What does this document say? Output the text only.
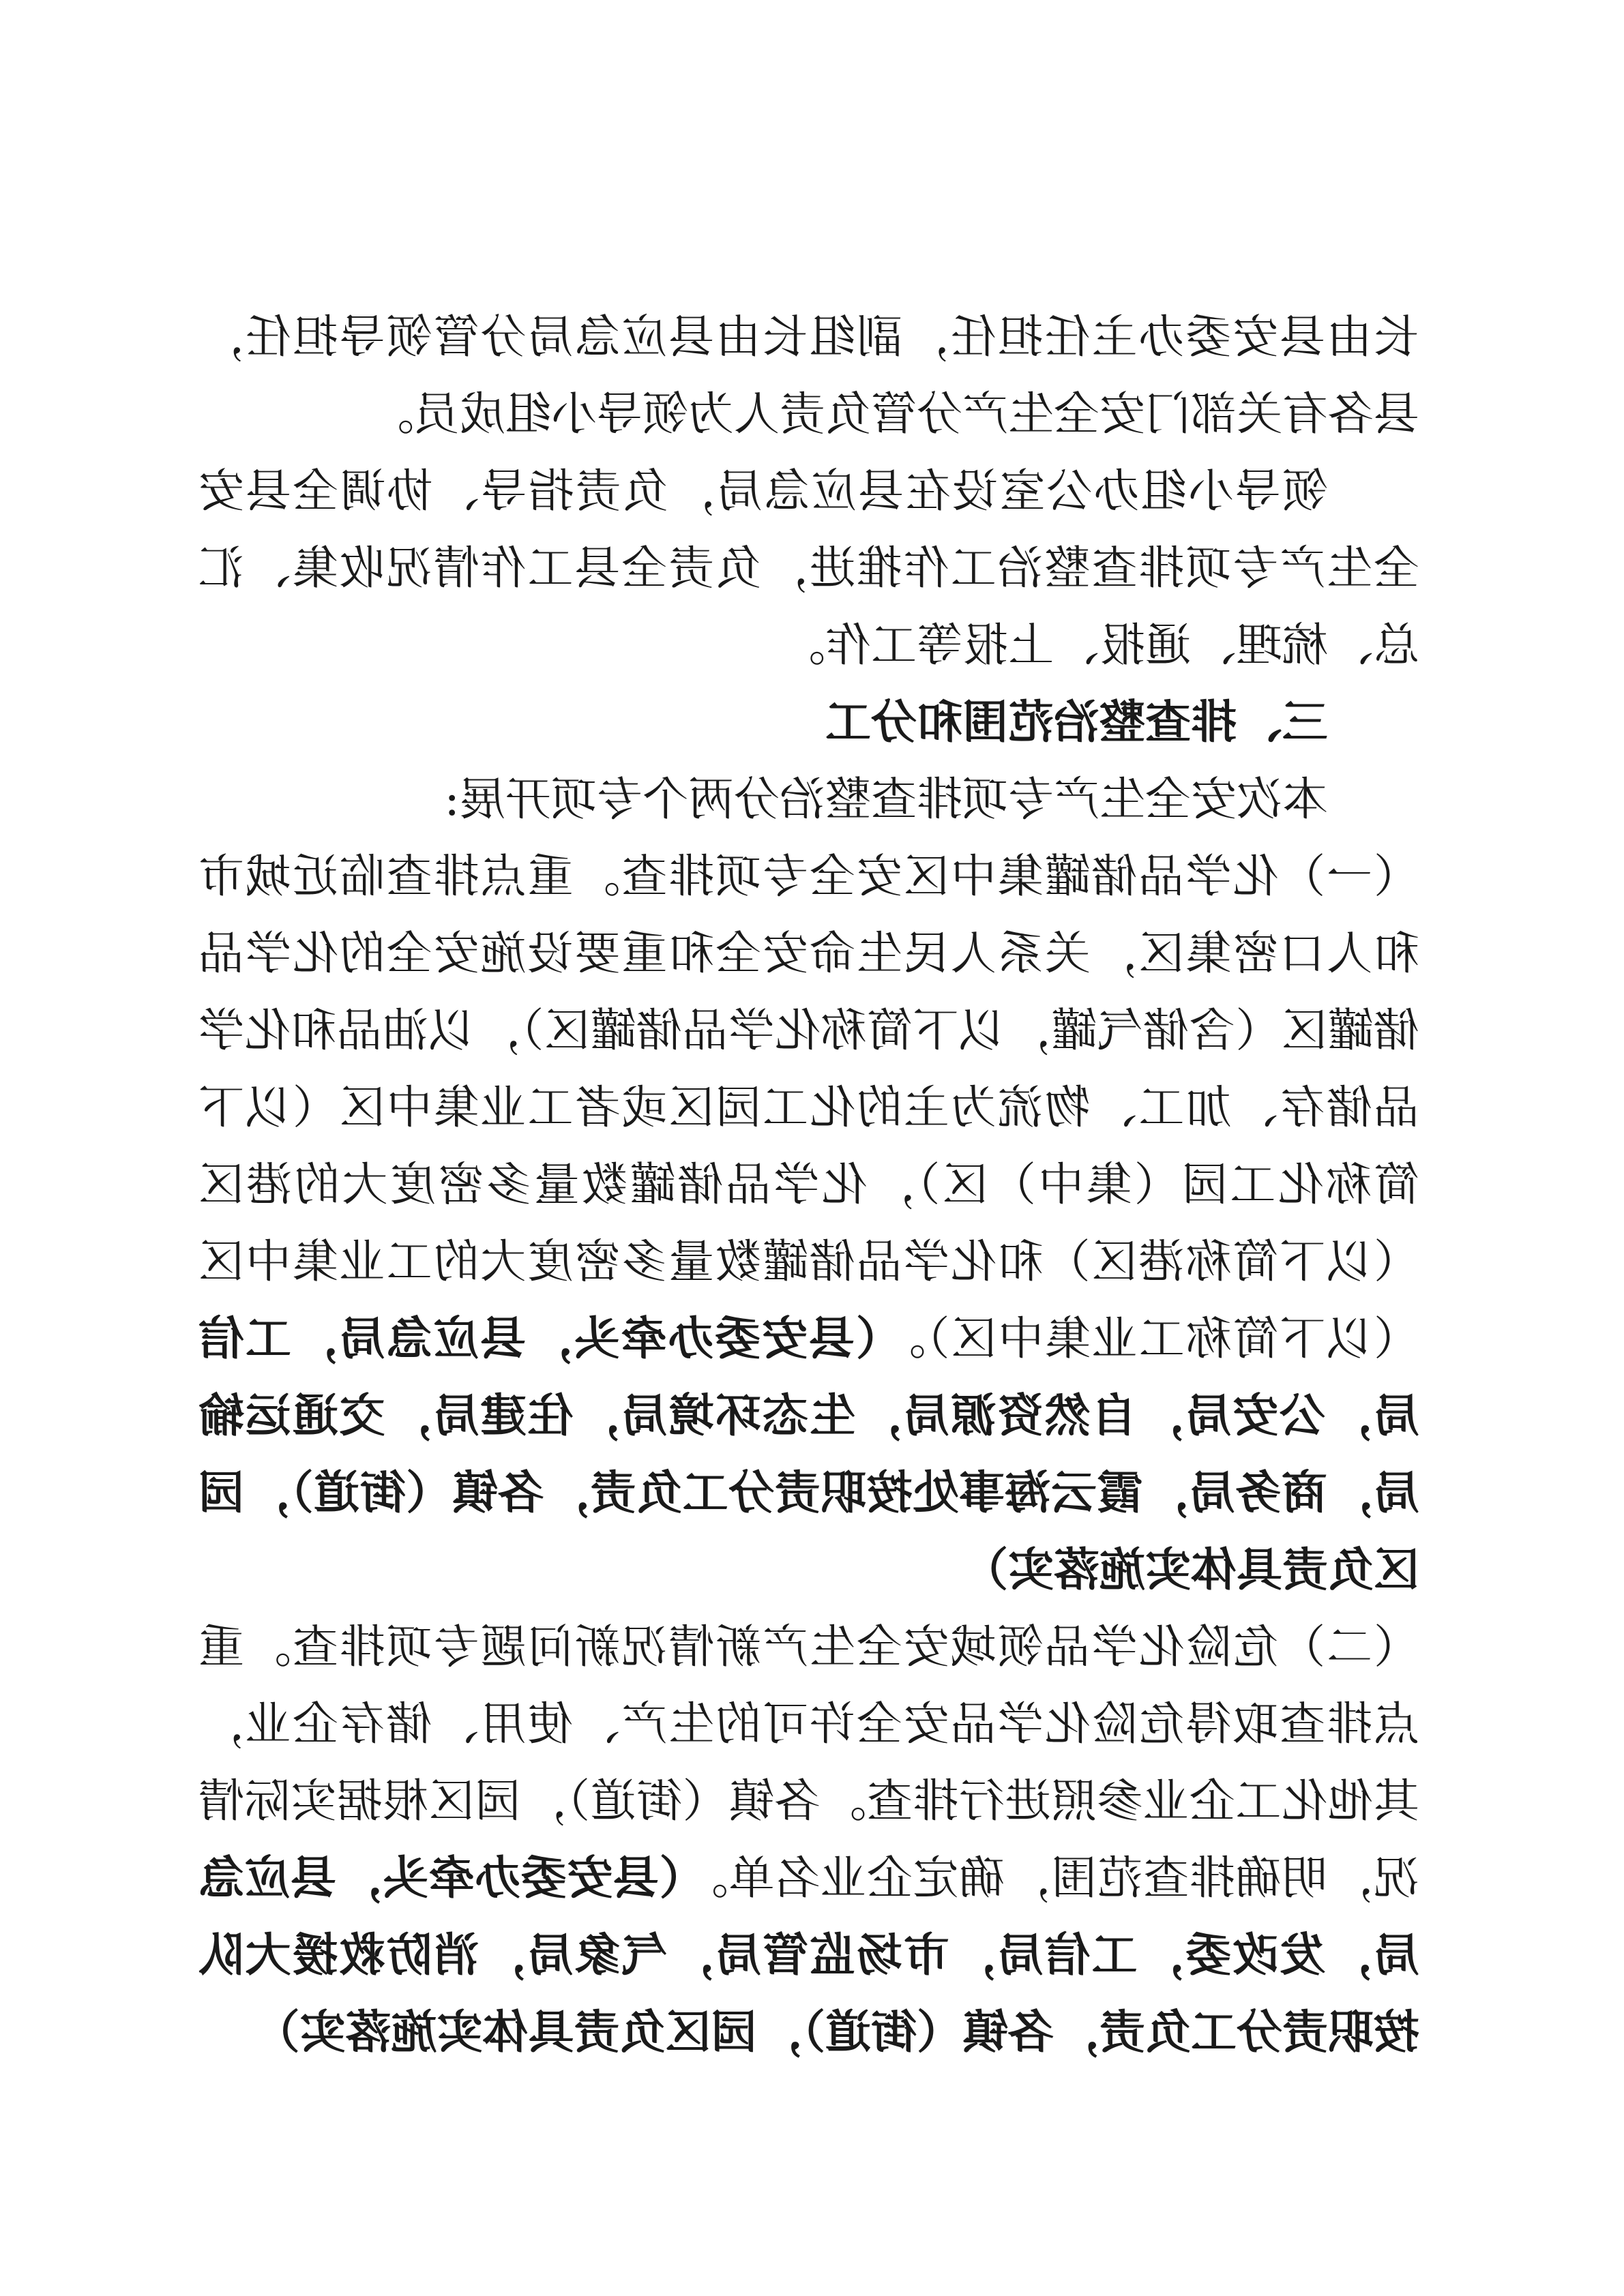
长由县安委办主任担任，副组长由县应急局分管领导担任，县各有关部门安全生产分管负责人为领导小组成员。

领导小组办公室设在县应急局，负责指导、协调全县安全生产专项排查整治工作推进，负责全县工作情况收集、汇总、梳理、通报、上报等工作。

三、排查整治范围和分工

本次安全生产专项排查整治分两个专项开展:

（一）化学品储罐集中区安全专项排查。重点排查临近城市和人口密集区，关系人民生命安全和重要设施安全的化学品储罐区（含储气罐，以下简称化学品储罐区），以油品和化学品储存、加工、物流为主的化工园区或者工业集中区（以下简称化工园（集中）区），化学品储罐数量多密度大的港区（以下简称港区）和化学品储罐数量多密度大的工业集中区（以下简称工业集中区）。（县安委办牵头，县应急局，工信局，公安局，自然资源局，生态环境局，住建局，交通运输局，商务局，霞云海事处按职责分工负责，各镇（街道），园区负责具体实施落实）

（二）危险化学品领域安全生产新情况新问题专项排查。重点排查取得危险化学品安全许可的生产、使用、储存企业，其他化工企业参照进行排查。各镇（街道），园区根据实际情况，明确排查范围，确定企业名单。（县安委办牵头，县应急局，发改委，工信局，市场监管局，气象局，消防救援大队按职责分工负责，各镇（街道），园区负责具体实施落实）
